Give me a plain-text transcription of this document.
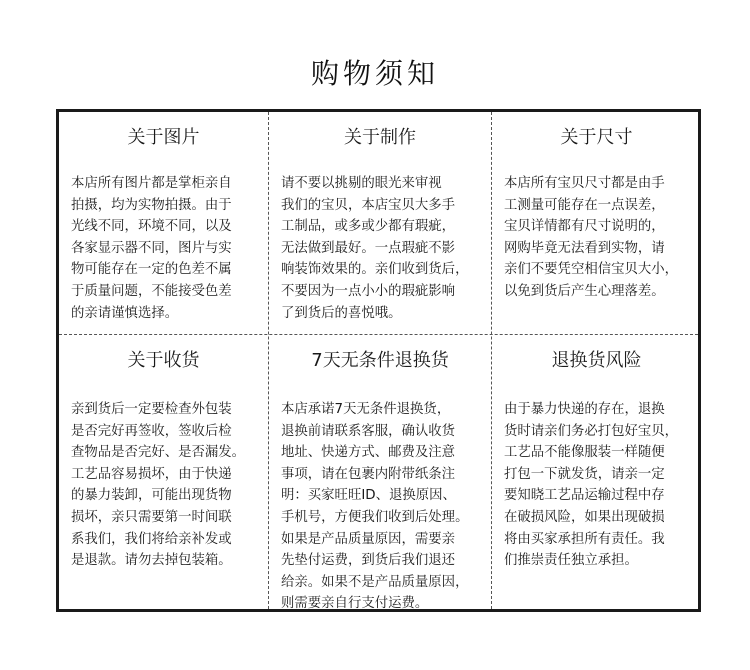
购物须知
关于图片
本店所有图片都是掌柜亲自
拍摄，均为实物拍摄。由于
光线不同，环境不同，以及
各家显示器不同，图片与实
物可能存在一定的色差不属
于质量问题，不能接受色差
的亲请谨慎选择。
关于制作
请不要以挑剔的眼光来审视
我们的宝贝，本店宝贝大多手
工制品，或多或少都有瑕疵，
无法做到最好。一点瑕疵不影
响装饰效果的。亲们收到货后，
不要因为一点小小的瑕疵影响
了到货后的喜悦哦。
关于尺寸
本店所有宝贝尺寸都是由手
工测量可能存在一点误差，
宝贝详情都有尺寸说明的，
网购毕竟无法看到实物，请
亲们不要凭空相信宝贝大小，
以免到货后产生心理落差。
关于收货
亲到货后一定要检查外包装
是否完好再签收，签收后检
查物品是否完好、是否漏发。
工艺品容易损坏，由于快递
的暴力装卸，可能出现货物
损坏，亲只需要第一时间联
系我们，我们将给亲补发或
是退款。请勿去掉包装箱。
7天无条件退换货
本店承诺7天无条件退换货，
退换前请联系客服，确认收货
地址、快递方式、邮费及注意
事项，请在包裹内附带纸条注
明：买家旺旺ID、退换原因、
手机号，方便我们收到后处理。
如果是产品质量原因，需要亲
先垫付运费，到货后我们退还
给亲。如果不是产品质量原因，
则需要亲自行支付运费。
退换货风险
由于暴力快递的存在，退换
货时请亲们务必打包好宝贝，
工艺品不能像服装一样随便
打包一下就发货，请亲一定
要知晓工艺品运输过程中存
在破损风险，如果出现破损
将由买家承担所有责任。我
们推崇责任独立承担。
